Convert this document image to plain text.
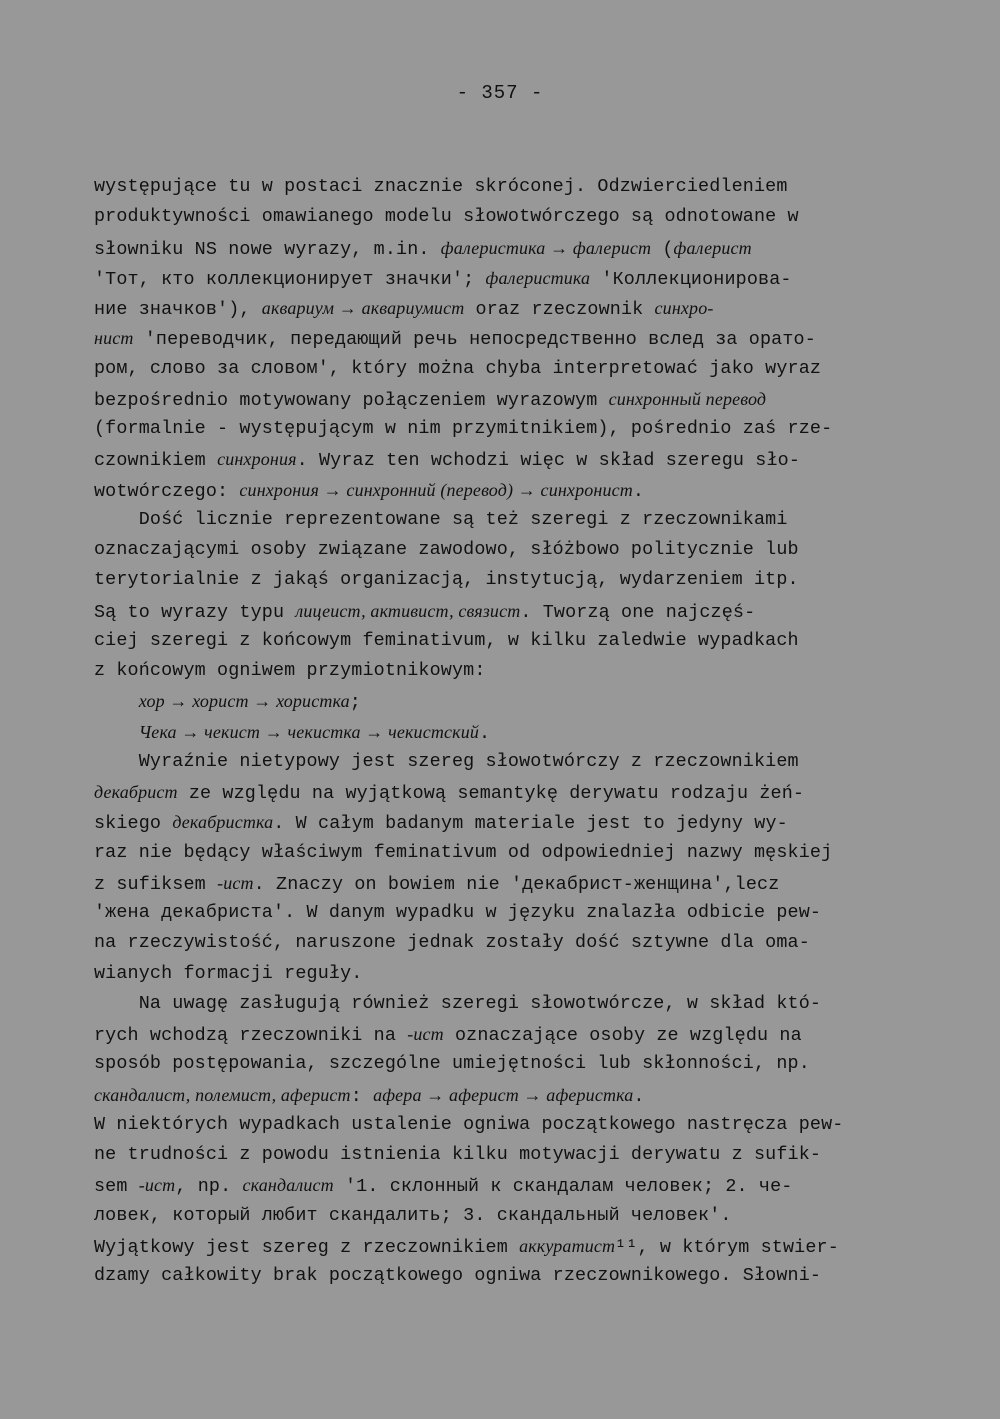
- 357 -
występujące tu w postaci znacznie skróconej. Odzwierciedleniem
produktywności omawianego modelu słowotwórczego są odnotowane w
słowniku NS nowe wyrazy, m.in. фалеристика → фалерист (фалерист
'Тот, кто коллекционирует значки'; фалеристика 'Коллекционирова-
ние значков'), аквариум → аквариумист oraz rzeczownik синхро-
нист 'переводчик, передающий речь непосредственно вслед за орато-
ром, слово за словом', który można chyba interpretować jako wyraz
bezpośrednio motywowany połączeniem wyrazowym синхронный перевод
(formalnie - występującym w nim przymitnikiem), pośrednio zaś rze-
czownikiem синхрония. Wyraz ten wchodzi więc w skład szeregu sło-
wotwórczego: синхрония → синхронний (перевод) → синхронист.
Dość licznie reprezentowane są też szeregi z rzeczownikami
oznaczającymi osoby związane zawodowo, słóżbowo politycznie lub
terytorialnie z jakąś organizacją, instytucją, wydarzeniem itp.
Są to wyrazy typu лицеист, активист, связист. Tworzą one najczęś-
ciej szeregi z końcowym feminativum, w kilku zaledwie wypadkach
z końcowym ogniwem przymiotnikowym:
хор → хорист → хористка;
Чека → чекист → чекистка → чекистский.
Wyraźnie nietypowy jest szereg słowotwórczy z rzeczownikiem
декабрист ze względu na wyjątkową semantykę derywatu rodzaju żeń-
skiego декабристка. W całym badanym materiale jest to jedyny wy-
raz nie będący właściwym feminativum od odpowiedniej nazwy męskiej
z sufiksem -ист. Znaczy on bowiem nie 'декабрист-женщина',lecz
'жена декабриста'. W danym wypadku w języku znalazła odbicie pew-
na rzeczywistość, naruszone jednak zostały dość sztywne dla oma-
wianych formacji reguły.
Na uwagę zasługują również szeregi słowotwórcze, w skład któ-
rych wchodzą rzeczowniki na -ист oznaczające osoby ze względu na
sposób postępowania, szczególne umiejętności lub skłonności, np.
скандалист, полемист, аферист: афера → аферист → аферистка.
W niektórych wypadkach ustalenie ogniwa początkowego nastręcza pew-
ne trudności z powodu istnienia kilku motywacji derywatu z sufik-
sem -ист, np. скандалист '1. склонный к скандалам человек; 2. че-
ловек, который любит скандалить; 3. скандальный человек'.
Wyjątkowy jest szereg z rzeczownikiem аккуратист¹¹, w którym stwier-
dzamy całkowity brak początkowego ogniwa rzeczownikowego. Słowni-
